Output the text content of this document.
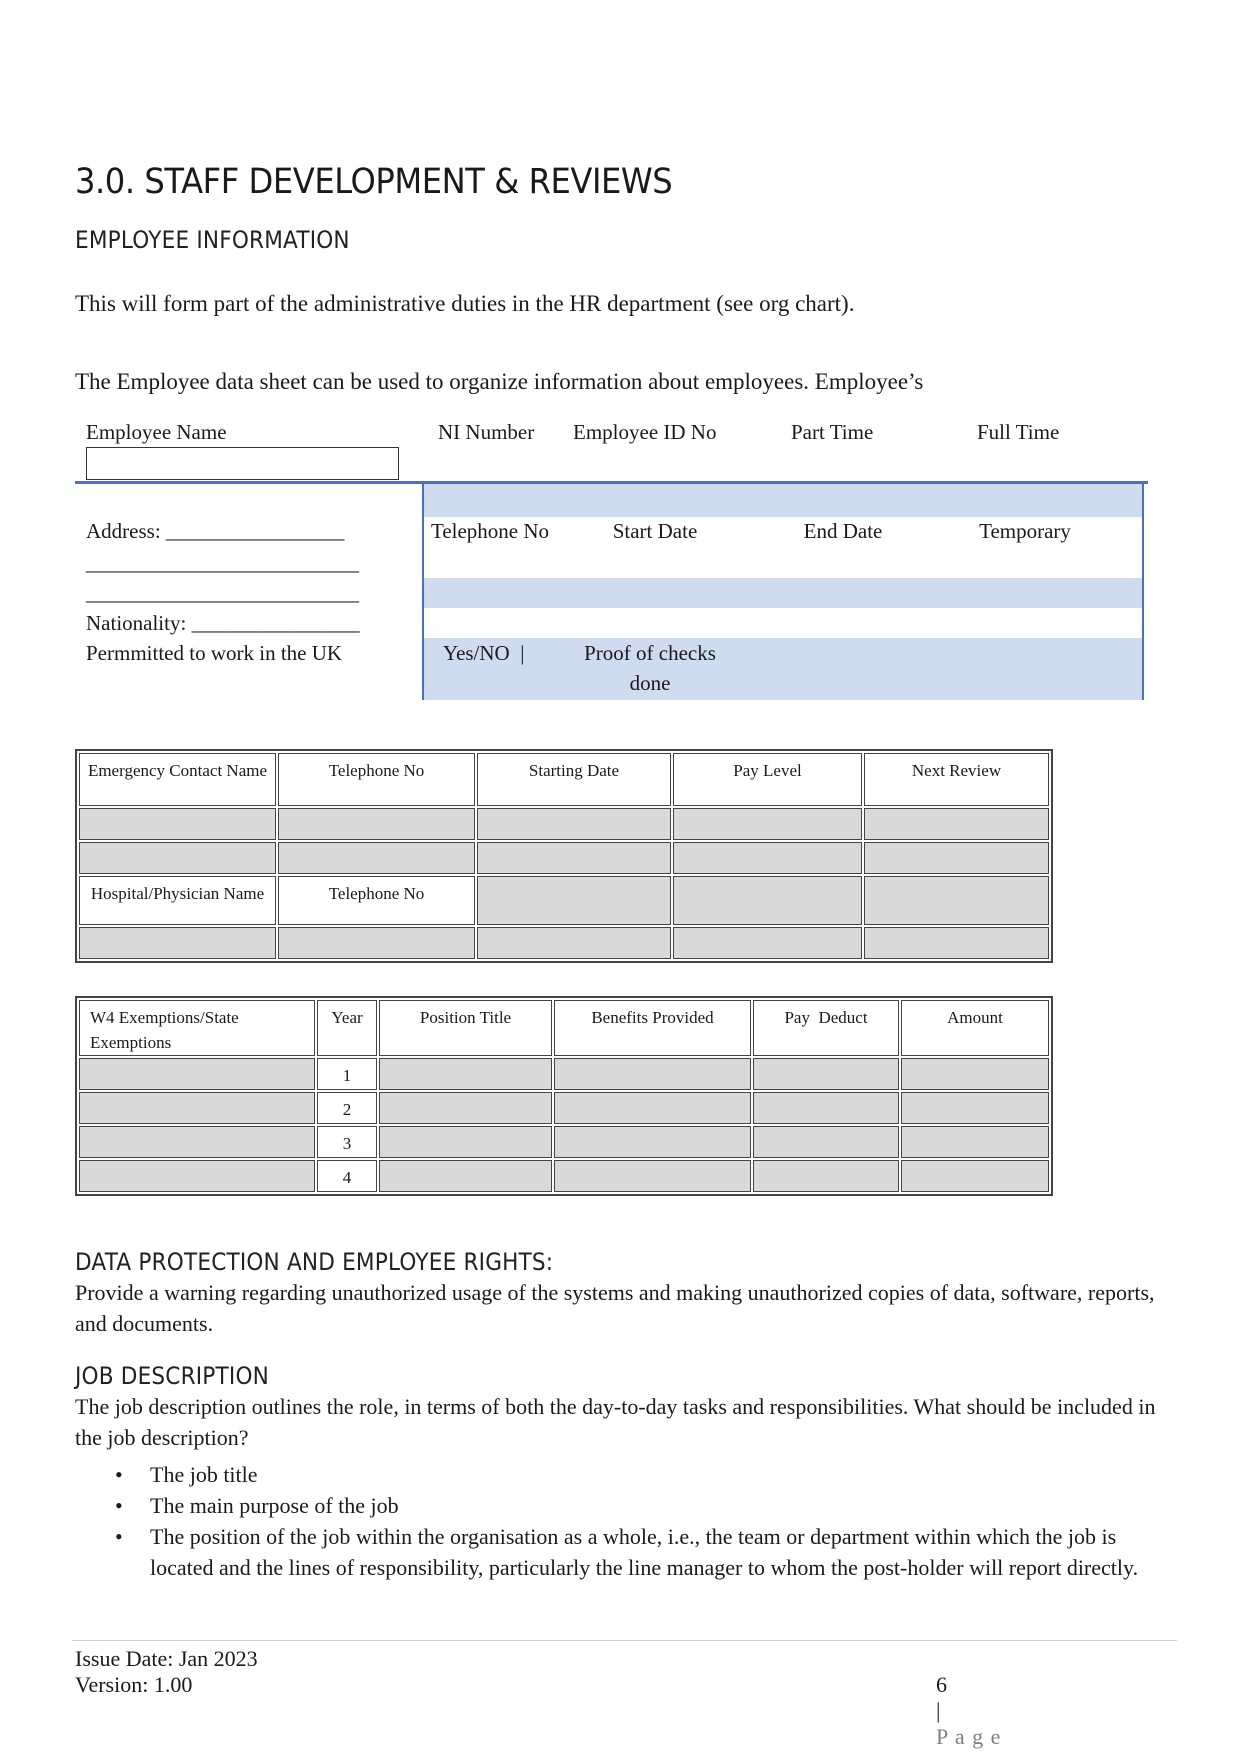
3.0. STAFF DEVELOPMENT & REVIEWS
EMPLOYEE INFORMATION
This will form part of the administrative duties in the HR department (see org chart).
The Employee data sheet can be used to organize information about employees. Employee’s
Employee Name	NI Number Employee ID No	Part Time	Full Time
Address: _________________
__________________________
__________________________
Nationality: ________________
Permmitted to work in the UK
Telephone No	Start Date	End Date	Temporary
Yes/NO  |	Proof of checks done
Emergency Contact Name	Telephone No	Starting Date	Pay Level	Next Review

Hospital/Physician Name	Telephone No			

W4 Exemptions/State Exemptions	Year	Position Title	Benefits Provided	Pay  Deduct	Amount
	1				
	2				
	3				
	4				
DATA PROTECTION AND EMPLOYEE RIGHTS:
Provide a warning regarding unauthorized usage of the systems and making unauthorized copies of data, software, reports, and documents.
JOB DESCRIPTION
The job description outlines the role, in terms of both the day-to-day tasks and responsibilities. What should be included in the job description?
• The job title
• The main purpose of the job
• The position of the job within the organisation as a whole, i.e., the team or department within which the job is located and the lines of responsibility, particularly the line manager to whom the post-holder will report directly.
Issue Date: Jan 2023
Version: 1.00	6
|
P a g e
